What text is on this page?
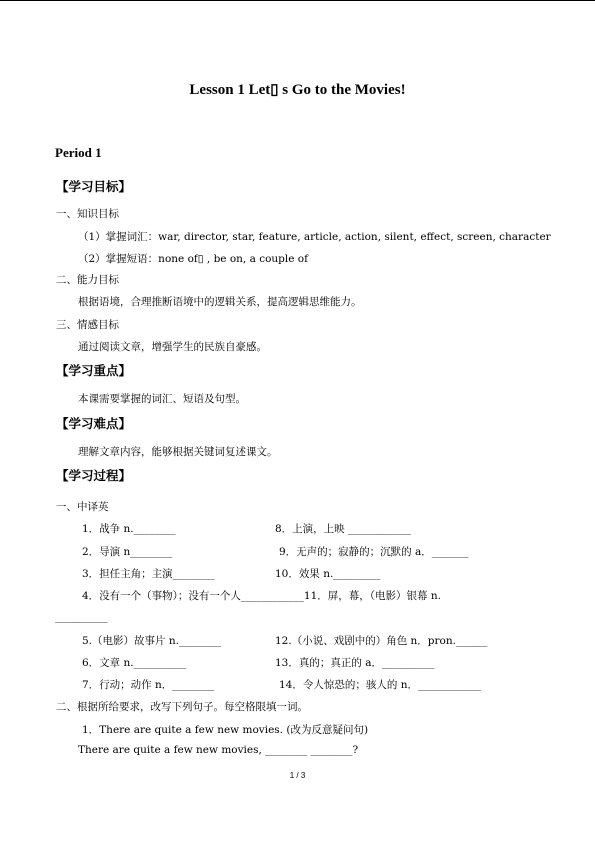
Lesson 1 Let▯ s Go to the Movies!
Period 1
【学习目标】
一、知识目标
（1）掌握词汇：war, director, star, feature, article, action, silent, effect, screen, character
（2）掌握短语：none of▯ , be on, a couple of
二、能力目标
根据语境，合理推断语境中的逻辑关系，提高逻辑思维能力。
三、情感目标
通过阅读文章，增强学生的民族自豪感。
【学习重点】
本课需要掌握的词汇、短语及句型。
【学习难点】
理解文章内容，能够根据关键词复述课文。
【学习过程】
一、中译英
1．战争 n.________	8．上演，上映 ____________
2．导演 n________	9．无声的；寂静的；沉默的 a．_______
3．担任主角；主演________	10．效果 n._________
4．没有一个（事物）；没有一个人____________11．屏，幕，（电影）银幕 n.
__________
5.（电影）故事片 n.________	12.（小说、戏剧中的）角色 n．pron.______
6．文章 n.__________	13．真的；真正的 a．__________
7．行动；动作 n．________	14．令人惊恐的；骇人的 n．____________
二、根据所给要求，改写下列句子。每空格限填一词。
1．There are quite a few new movies. (改为反意疑问句)
There are quite a few new movies, ________ ________?
1 / 3
